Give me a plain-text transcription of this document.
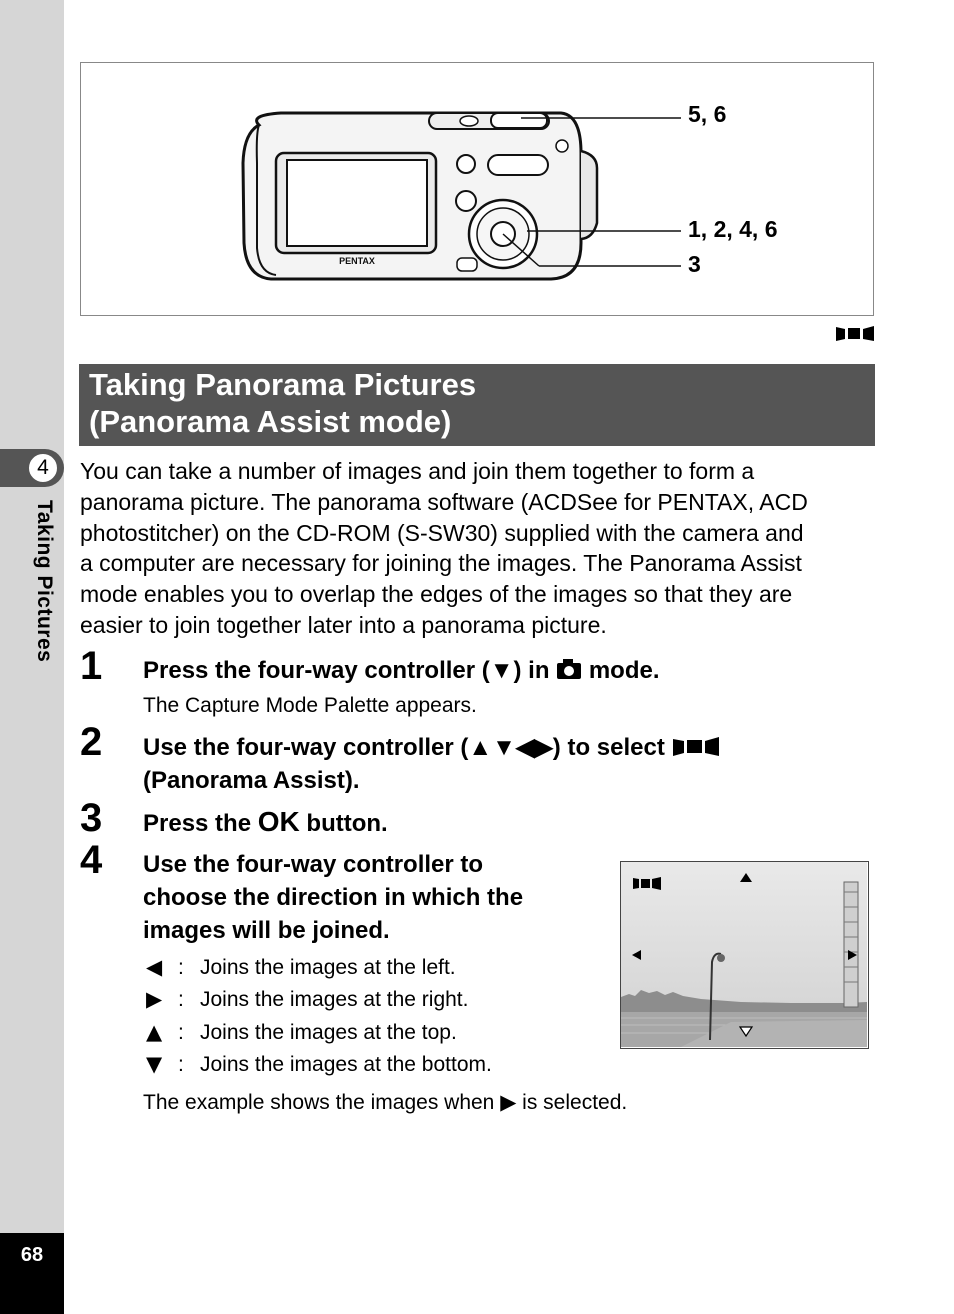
4
Taking Pictures
68
PENTAX
5, 6
1, 2, 4, 6
3
Taking Panorama Pictures
(Panorama Assist mode)
You can take a number of images and join them together to form a
panorama picture. The panorama software (ACDSee for PENTAX, ACD
photostitcher) on the CD-ROM (S-SW30) supplied with the camera and
a computer are necessary for joining the images. The Panorama Assist
mode enables you to overlap the edges of the images so that they are
easier to join together later into a panorama picture.
1 Press the four-way controller (▼) in  mode.
The Capture Mode Palette appears.
2 Use the four-way controller (▲▼◀▶) to select
(Panorama Assist).
3 Press the OK button.
4 Use the four-way controller to
choose the direction in which the
images will be joined.
◀ : Joins the images at the left.
▶ : Joins the images at the right.
▲ : Joins the images at the top.
▼ : Joins the images at the bottom.
The example shows the images when ▶ is selected.
